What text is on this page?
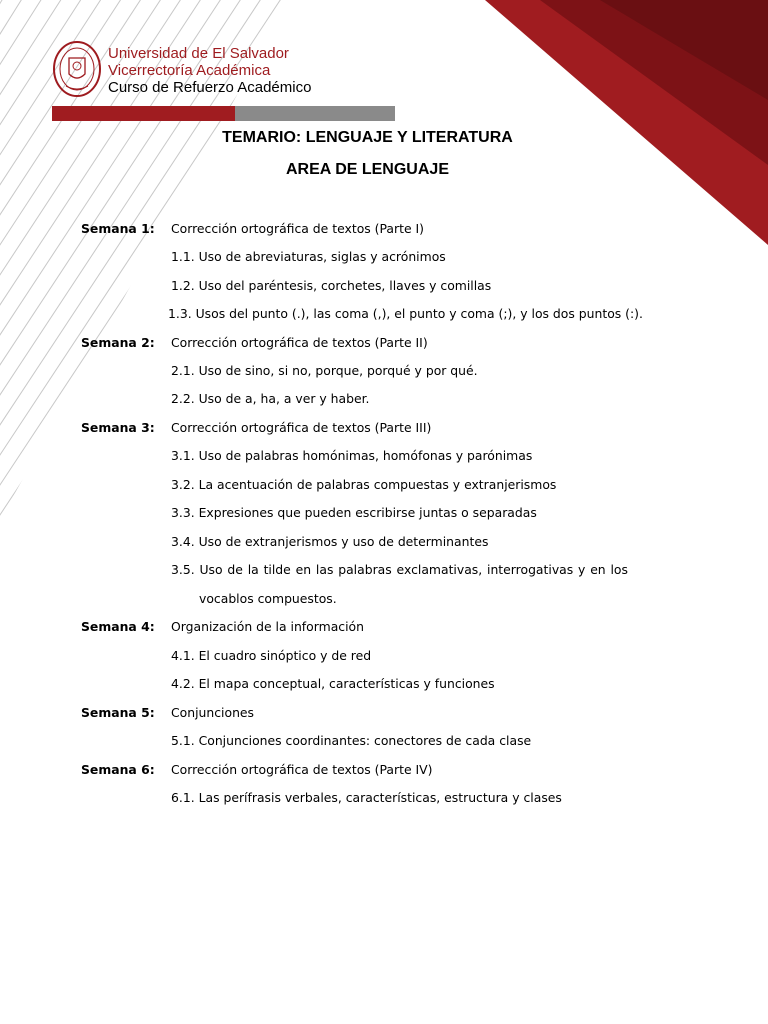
Universidad de El Salvador
Vicerrectoría Académica
Curso de Refuerzo Académico
TEMARIO: LENGUAJE Y LITERATURA
AREA DE LENGUAJE
Semana 1: Corrección ortográfica de textos (Parte I)
1.1. Uso de abreviaturas, siglas y acrónimos
1.2. Uso del paréntesis, corchetes, llaves y comillas
1.3. Usos del punto (.), las coma (,), el punto y coma (;), y los dos puntos (:).
Semana 2: Corrección ortográfica de textos (Parte II)
2.1. Uso de sino, si no, porque, porqué y por qué.
2.2. Uso de a, ha, a ver y haber.
Semana 3: Corrección ortográfica de textos (Parte III)
3.1. Uso de palabras homónimas, homófonas y parónimas
3.2. La acentuación de palabras compuestas y extranjerismos
3.3. Expresiones que pueden escribirse juntas o separadas
3.4. Uso de extranjerismos y uso de determinantes
3.5. Uso de la tilde en las palabras exclamativas, interrogativas y en los
vocablos compuestos.
Semana 4: Organización de la información
4.1. El cuadro sinóptico y de red
4.2. El mapa conceptual, características y funciones
Semana 5: Conjunciones
5.1. Conjunciones coordinantes: conectores de cada clase
Semana 6: Corrección ortográfica de textos (Parte IV)
6.1. Las perífrasis verbales, características, estructura y clases
